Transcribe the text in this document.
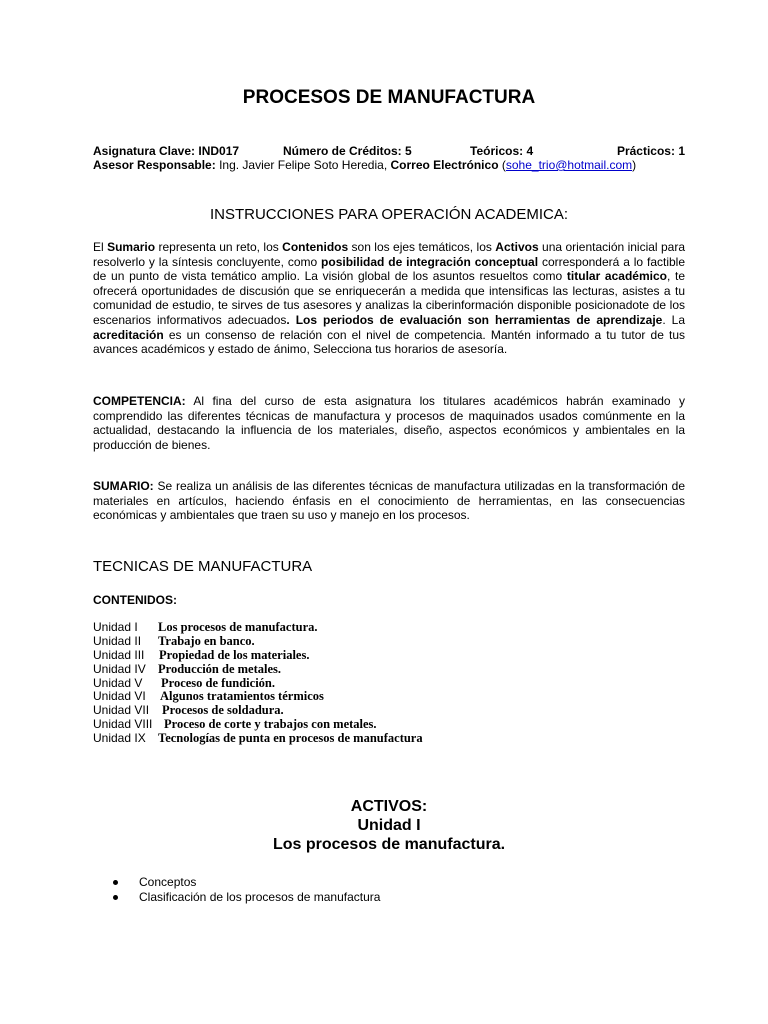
PROCESOS DE MANUFACTURA
Asignatura Clave: IND017	Número de Créditos: 5	Teóricos: 4	Prácticos: 1
Asesor Responsable: Ing. Javier Felipe Soto Heredia, Correo Electrónico (sohe_trio@hotmail.com)
INSTRUCCIONES PARA OPERACIÓN ACADEMICA:
El Sumario representa un reto, los Contenidos son los ejes temáticos, los Activos una orientación inicial para resolverlo y la síntesis concluyente, como posibilidad de integración conceptual corresponderá a lo factible de un punto de vista temático amplio. La visión global de los asuntos resueltos como titular académico, te ofrecerá oportunidades de discusión que se enriquecerán a medida que intensificas las lecturas, asistes a tu comunidad de estudio, te sirves de tus asesores y analizas la ciberinformación disponible posicionadote de los escenarios informativos adecuados. Los periodos de evaluación son herramientas de aprendizaje. La acreditación es un consenso de relación con el nivel de competencia. Mantén informado a tu tutor de tus avances académicos y estado de ánimo, Selecciona tus horarios de asesoría.
COMPETENCIA: Al fina del curso de esta asignatura los titulares académicos habrán examinado y comprendido las diferentes técnicas de manufactura y procesos de maquinados usados comúnmente en la actualidad, destacando la influencia de los materiales, diseño, aspectos económicos y ambientales en la producción de bienes.
SUMARIO: Se realiza un análisis de las diferentes técnicas de manufactura utilizadas en la transformación de materiales en artículos, haciendo énfasis en el conocimiento de herramientas, en las consecuencias económicas y ambientales que traen su uso y manejo en los procesos.
TECNICAS DE MANUFACTURA
CONTENIDOS:
Unidad I Los procesos de manufactura.
Unidad II Trabajo en banco.
Unidad III Propiedad de los materiales.
Unidad IV Producción de metales.
Unidad V Proceso de fundición.
Unidad VI Algunos tratamientos térmicos
Unidad VII Procesos de soldadura.
Unidad VIII Proceso de corte y trabajos con metales.
Unidad IX Tecnologías de punta en procesos de manufactura
ACTIVOS:
Unidad I
Los procesos de manufactura.
Conceptos
Clasificación de los procesos de manufactura
